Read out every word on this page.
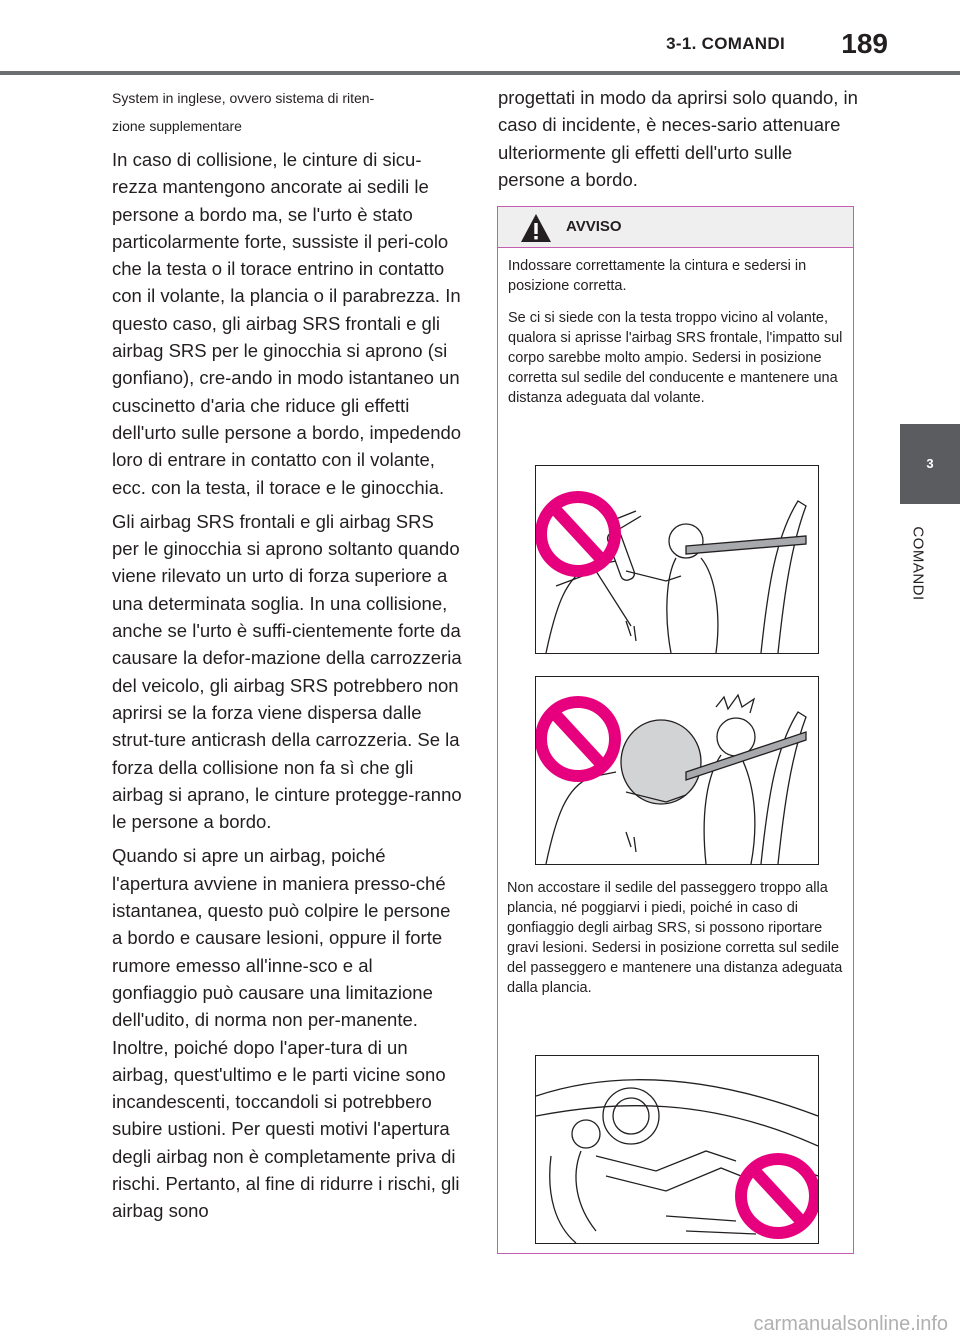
3-1. COMANDI 189
3
COMANDI
System in inglese, ovvero sistema di riten-
zione supplementare

In caso di collisione, le cinture di sicu-rezza mantengono ancorate ai sedili le persone a bordo ma, se l'urto è stato particolarmente forte, sussiste il peri-colo che la testa o il torace entrino in contatto con il volante, la plancia o il parabrezza. In questo caso, gli airbag SRS frontali e gli airbag SRS per le ginocchia si aprono (si gonfiano), cre-ando in modo istantaneo un cuscinetto d'aria che riduce gli effetti dell'urto sulle persone a bordo, impedendo loro di entrare in contatto con il volante, ecc. con la testa, il torace e le ginocchia.

Gli airbag SRS frontali e gli airbag SRS per le ginocchia si aprono soltanto quando viene rilevato un urto di forza superiore a una determinata soglia. In una collisione, anche se l'urto è suffi-cientemente forte da causare la defor-mazione della carrozzeria del veicolo, gli airbag SRS potrebbero non aprirsi se la forza viene dispersa dalle strut-ture anticrash della carrozzeria. Se la forza della collisione non fa sì che gli airbag si aprano, le cinture protegge-ranno le persone a bordo.

Quando si apre un airbag, poiché l'apertura avviene in maniera presso-ché istantanea, questo può colpire le persone a bordo e causare lesioni, oppure il forte rumore emesso all'inne-sco e al gonfiaggio può causare una limitazione dell'udito, di norma non per-manente. Inoltre, poiché dopo l'aper-tura di un airbag, quest'ultimo e le parti vicine sono incandescenti, toccandoli si potrebbero subire ustioni. Per questi motivi l'apertura degli airbag non è completamente priva di rischi. Pertanto, al fine di ridurre i rischi, gli airbag sono

progettati in modo da aprirsi solo quando, in caso di incidente, è neces-sario attenuare ulteriormente gli effetti dell'urto sulle persone a bordo.

AVVISO

Indossare correttamente la cintura e sedersi in posizione corretta.

Se ci si siede con la testa troppo vicino al volante, qualora si aprisse l'airbag SRS frontale, l'impatto sul corpo sarebbe molto ampio. Sedersi in posizione corretta sul sedile del conducente e mantenere una distanza adeguata dal volante.

Non accostare il sedile del passeggero troppo alla plancia, né poggiarvi i piedi, poiché in caso di gonfiaggio degli airbag SRS, si possono riportare gravi lesioni. Sedersi in posizione corretta sul sedile del passeggero e mantenere una distanza adeguata dalla plancia.

carmanualsonline.info
